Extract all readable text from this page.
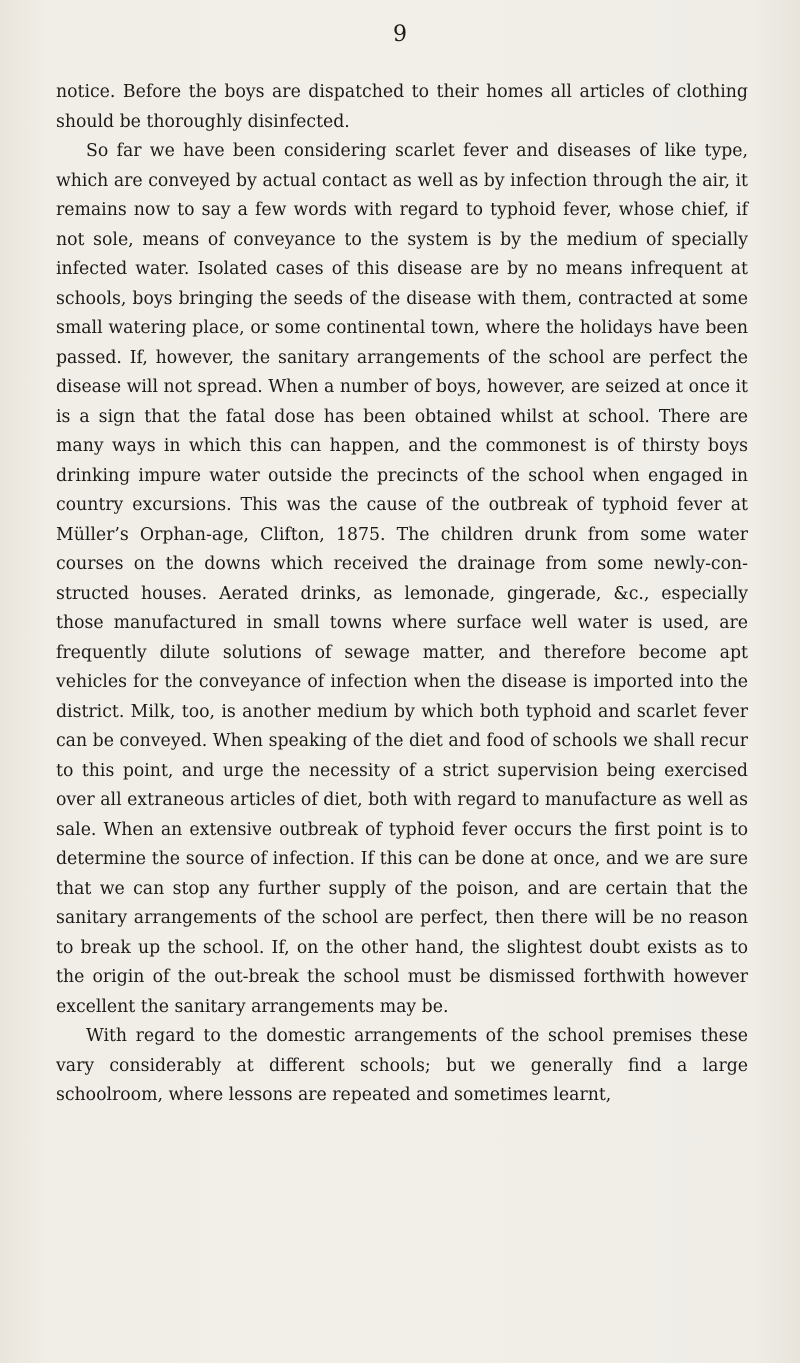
9

notice. Before the boys are dispatched to their homes all articles of clothing should be thoroughly disinfected.

So far we have been considering scarlet fever and diseases of like type, which are conveyed by actual contact as well as by infection through the air, it remains now to say a few words with regard to typhoid fever, whose chief, if not sole, means of conveyance to the system is by the medium of specially infected water. Isolated cases of this disease are by no means infrequent at schools, boys bringing the seeds of the disease with them, contracted at some small watering place, or some continental town, where the holidays have been passed. If, however, the sanitary arrangements of the school are perfect the disease will not spread. When a number of boys, however, are seized at once it is a sign that the fatal dose has been obtained whilst at school. There are many ways in which this can happen, and the commonest is of thirsty boys drinking impure water outside the precincts of the school when engaged in country excursions. This was the cause of the outbreak of typhoid fever at Müller’s Orphan-age, Clifton, 1875. The children drunk from some water courses on the downs which received the drainage from some newly-con-structed houses. Aerated drinks, as lemonade, gingerade, &c., especially those manufactured in small towns where surface well water is used, are frequently dilute solutions of sewage matter, and therefore become apt vehicles for the conveyance of infection when the disease is imported into the district. Milk, too, is another medium by which both typhoid and scarlet fever can be conveyed. When speaking of the diet and food of schools we shall recur to this point, and urge the necessity of a strict supervision being exercised over all extraneous articles of diet, both with regard to manufacture as well as sale. When an extensive outbreak of typhoid fever occurs the first point is to determine the source of infection. If this can be done at once, and we are sure that we can stop any further supply of the poison, and are certain that the sanitary arrangements of the school are perfect, then there will be no reason to break up the school. If, on the other hand, the slightest doubt exists as to the origin of the out-break the school must be dismissed forthwith however excellent the sanitary arrangements may be.

With regard to the domestic arrangements of the school premises these vary considerably at different schools; but we generally find a large schoolroom, where lessons are repeated and sometimes learnt,
